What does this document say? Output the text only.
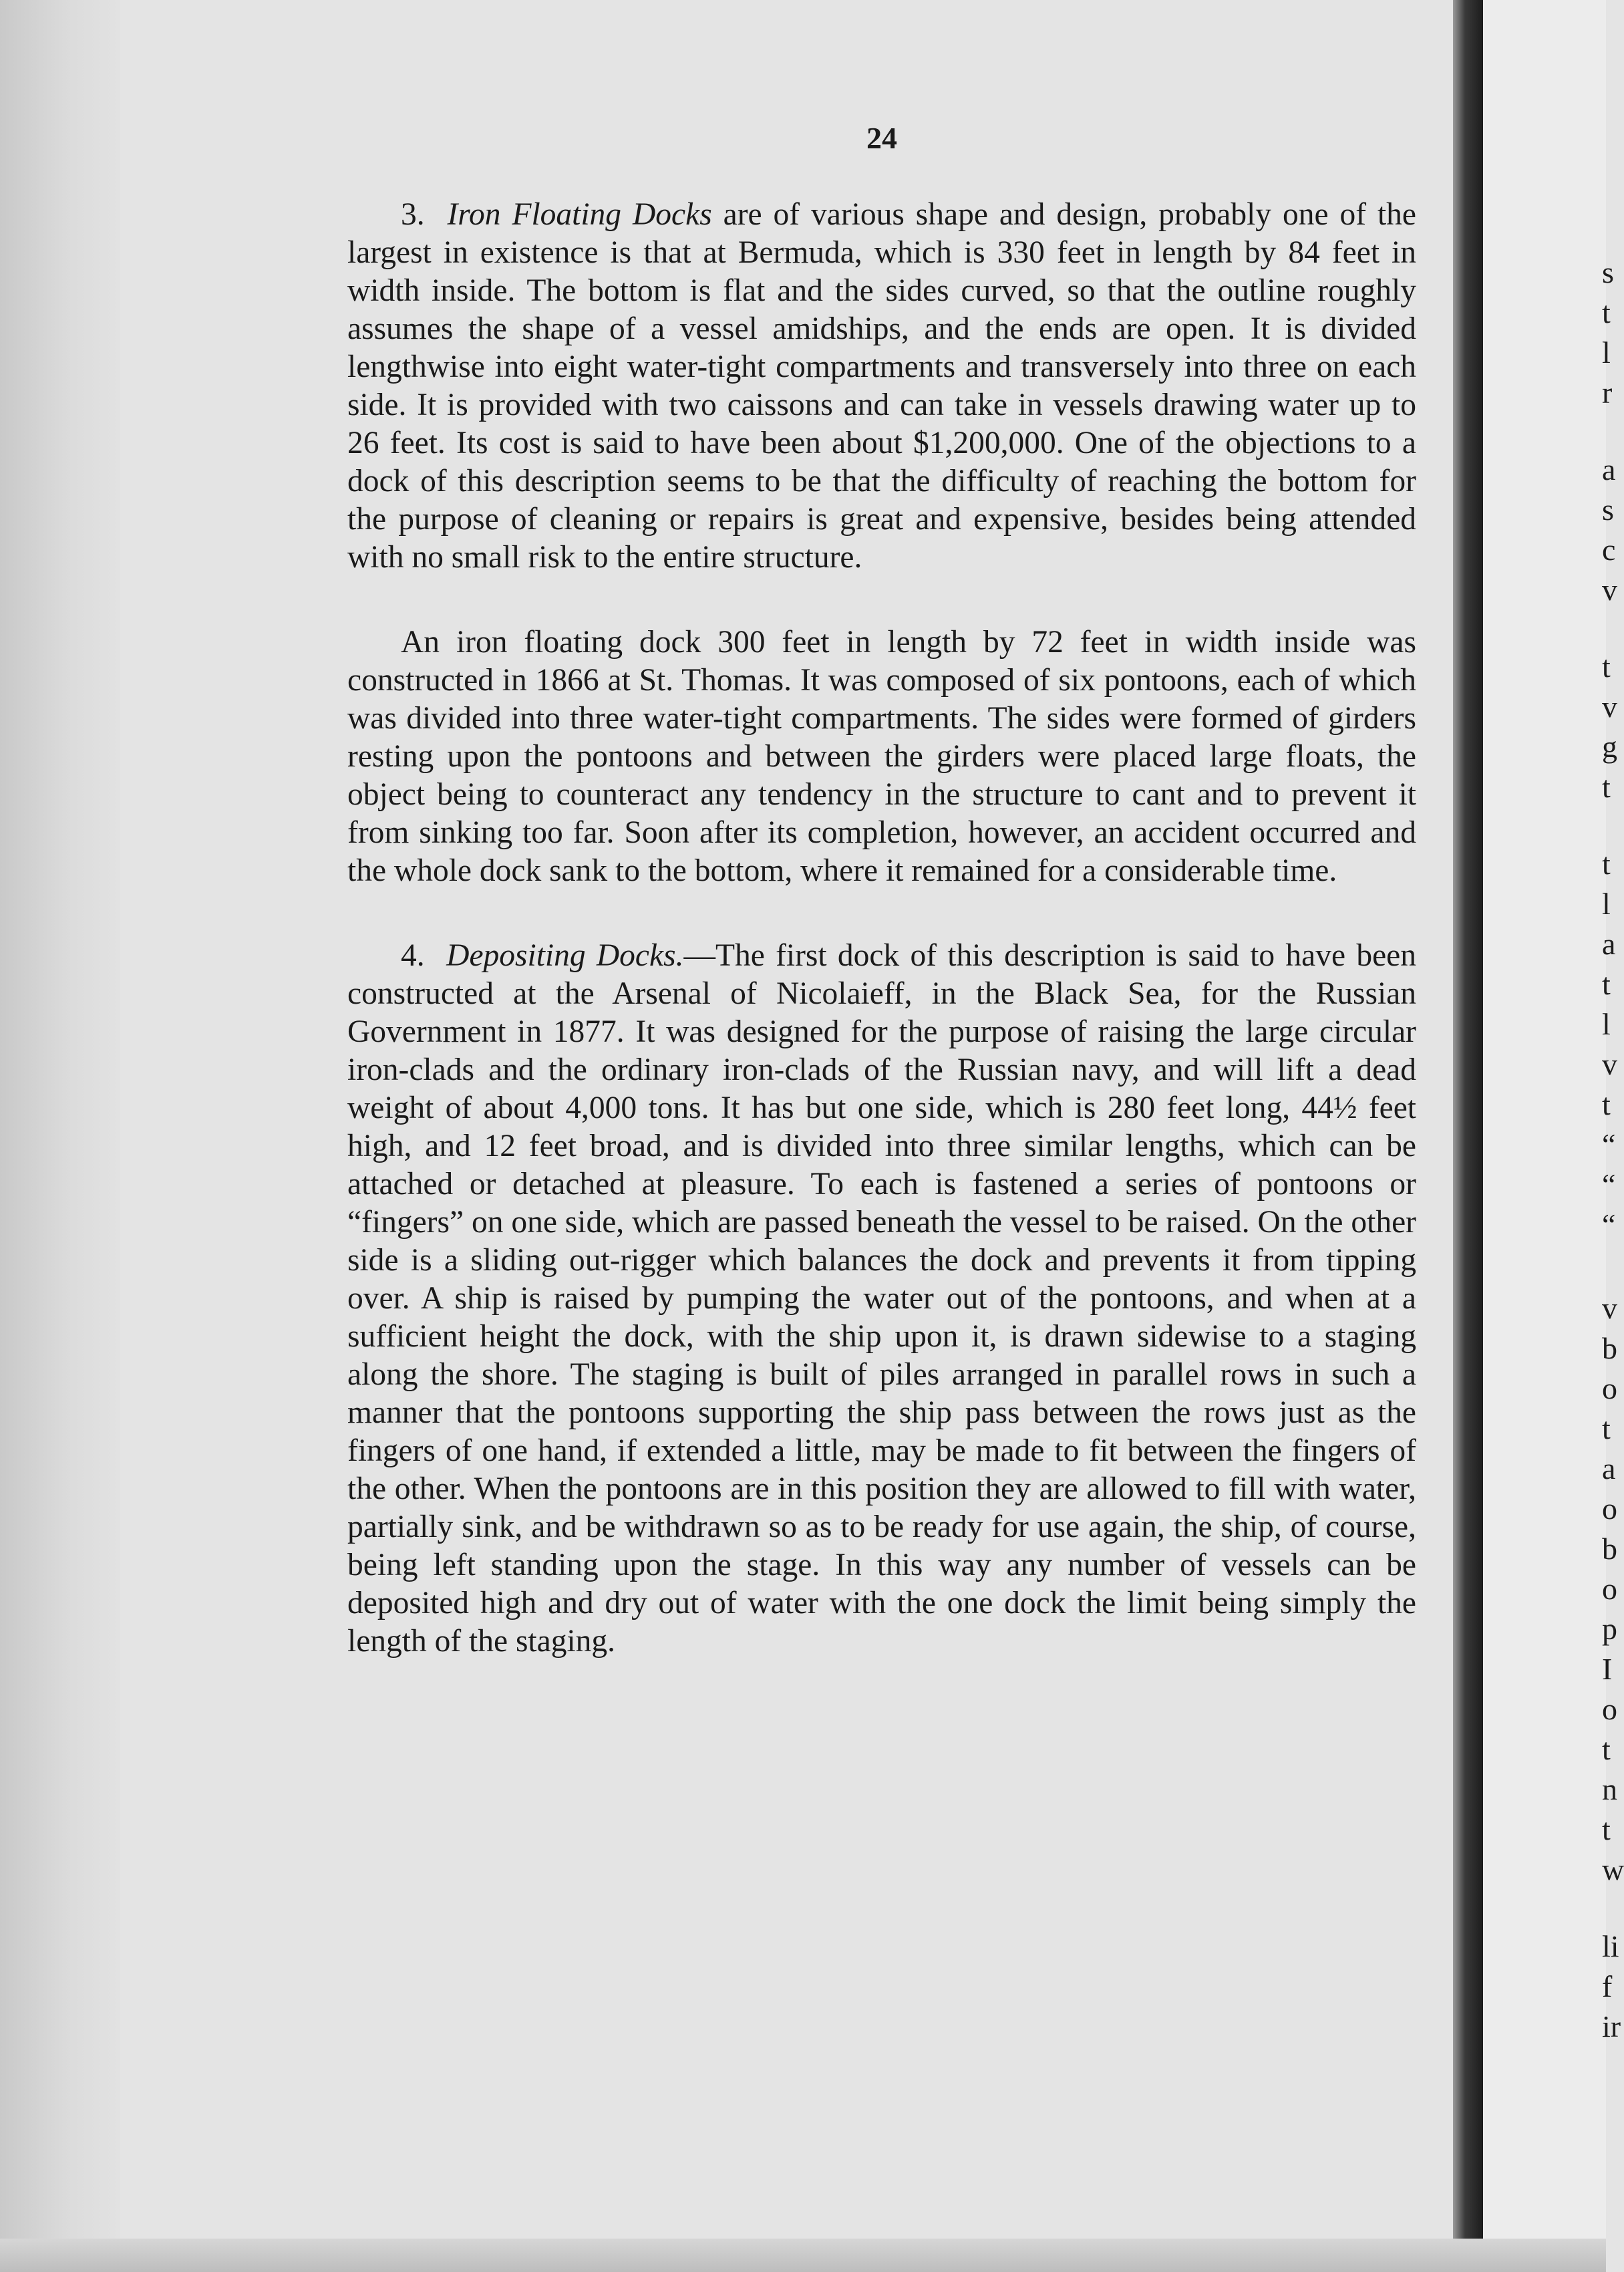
24

3. Iron Floating Docks are of various shape and design, probably one of the largest in existence is that at Bermuda, which is 330 feet in length by 84 feet in width inside. The bottom is flat and the sides curved, so that the outline roughly assumes the shape of a vessel amidships, and the ends are open. It is divided lengthwise into eight water-tight compartments and transversely into three on each side. It is provided with two caissons and can take in vessels drawing water up to 26 feet. Its cost is said to have been about $1,200,000. One of the objections to a dock of this description seems to be that the difficulty of reaching the bottom for the purpose of cleaning or repairs is great and expensive, besides being attended with no small risk to the entire structure.

An iron floating dock 300 feet in length by 72 feet in width inside was constructed in 1866 at St. Thomas. It was composed of six pontoons, each of which was divided into three water-tight compartments. The sides were formed of girders resting upon the pontoons and between the girders were placed large floats, the object being to counteract any tendency in the structure to cant and to prevent it from sinking too far. Soon after its completion, however, an accident occurred and the whole dock sank to the bottom, where it remained for a considerable time.

4. Depositing Docks.—The first dock of this description is said to have been constructed at the Arsenal of Nicolaieff, in the Black Sea, for the Russian Government in 1877. It was designed for the purpose of raising the large circular iron-clads and the ordinary iron-clads of the Russian navy, and will lift a dead weight of about 4,000 tons. It has but one side, which is 280 feet long, 44½ feet high, and 12 feet broad, and is divided into three similar lengths, which can be attached or detached at pleasure. To each is fastened a series of pontoons or “fingers” on one side, which are passed beneath the vessel to be raised. On the other side is a sliding out-rigger which balances the dock and prevents it from tipping over. A ship is raised by pumping the water out of the pontoons, and when at a sufficient height the dock, with the ship upon it, is drawn sidewise to a staging along the shore. The staging is built of piles arranged in parallel rows in such a manner that the pontoons supporting the ship pass between the rows just as the fingers of one hand, if extended a little, may be made to fit between the fingers of the other. When the pontoons are in this position they are allowed to fill with water, partially sink, and be withdrawn so as to be ready for use again, the ship, of course, being left standing upon the stage. In this way any number of vessels can be deposited high and dry out of water with the one dock the limit being simply the length of the staging.

s
t
l
r
a
s
c
v
t
v
g
t
t
l
a
t
l
v
t
“
“
“
v
b
o
t
a
o
b
o
p
I
o
t
n
t
w
li
f
ir
